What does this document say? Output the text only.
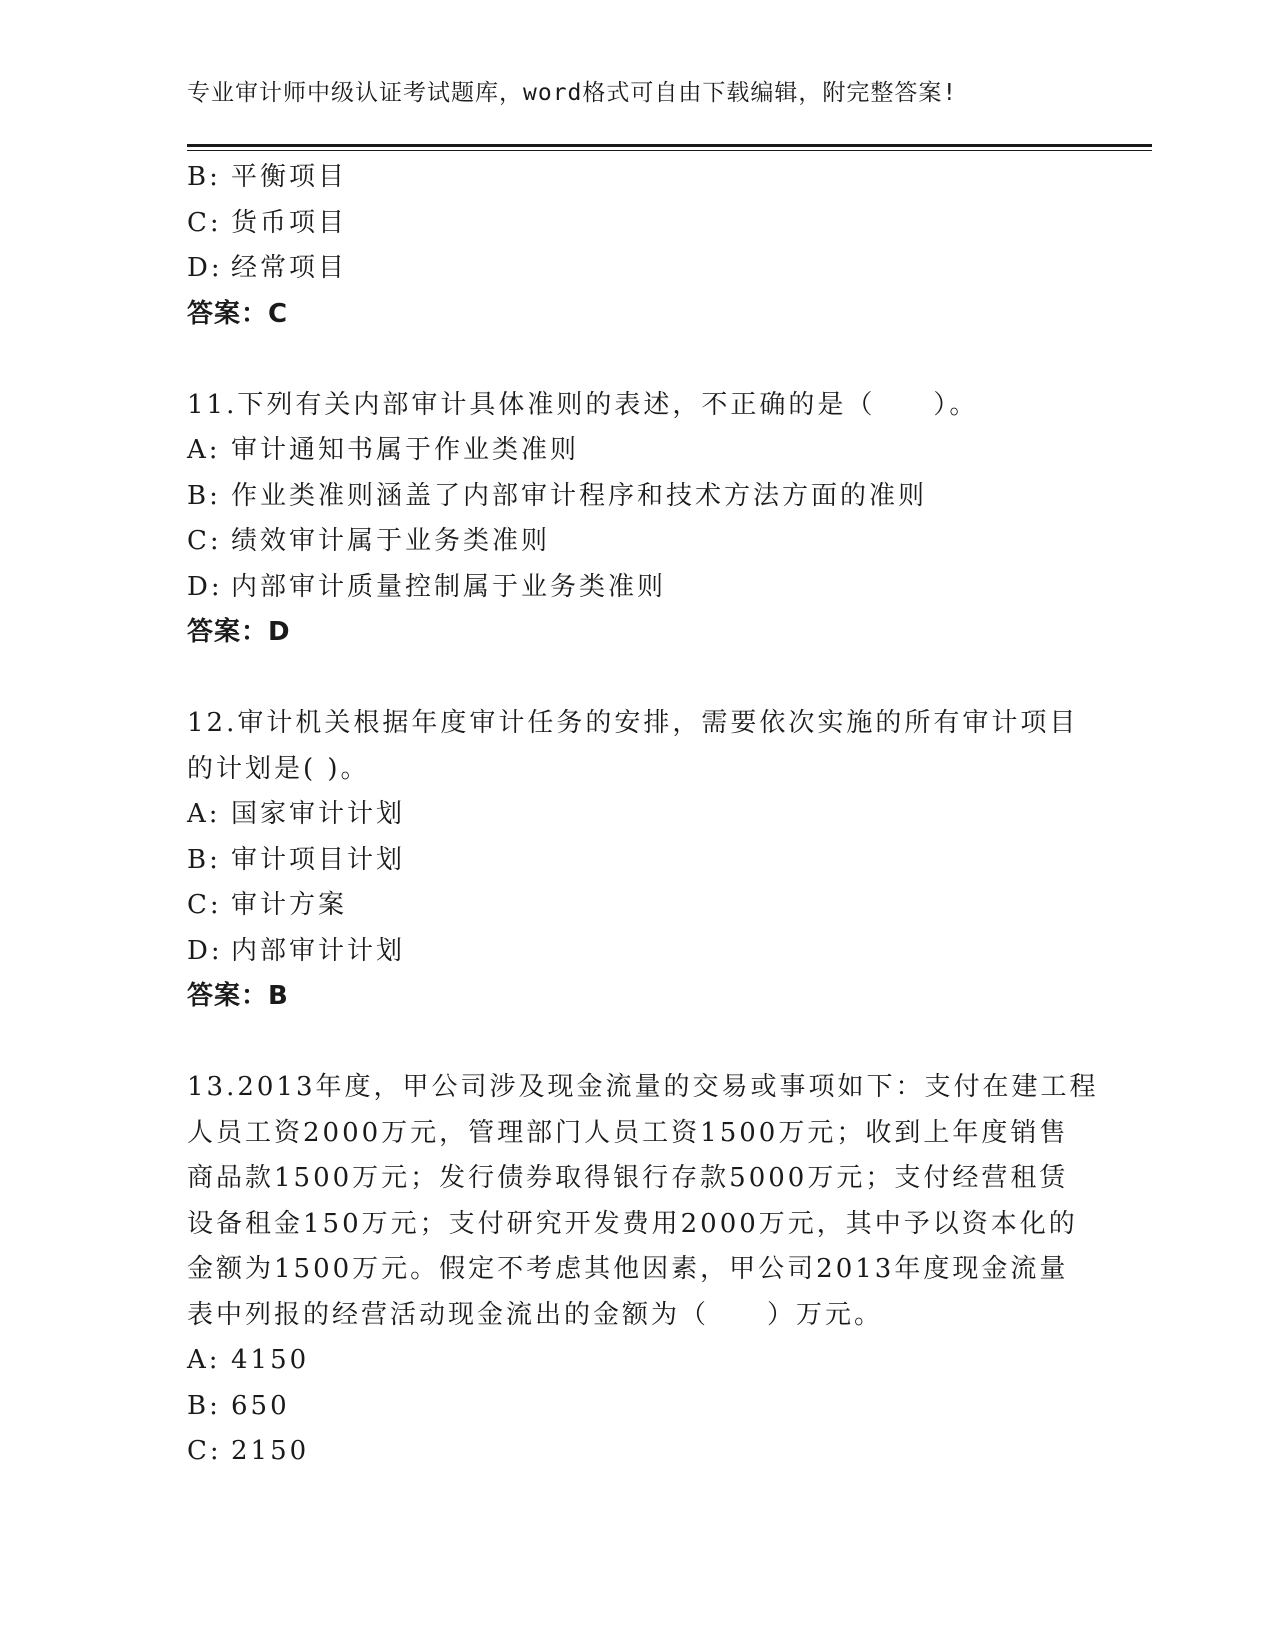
专业审计师中级认证考试题库，word格式可自由下载编辑，附完整答案!
B: 平衡项目
C: 货币项目
D: 经常项目
答案：C
11.下列有关内部审计具体准则的表述，不正确的是（　　）。
A: 审计通知书属于作业类准则
B: 作业类准则涵盖了内部审计程序和技术方法方面的准则
C: 绩效审计属于业务类准则
D: 内部审计质量控制属于业务类准则
答案：D
12.审计机关根据年度审计任务的安排，需要依次实施的所有审计项目
的计划是( )。
A: 国家审计计划
B: 审计项目计划
C: 审计方案
D: 内部审计计划
答案：B
13.2013年度，甲公司涉及现金流量的交易或事项如下：支付在建工程
人员工资2000万元，管理部门人员工资1500万元；收到上年度销售
商品款1500万元；发行债券取得银行存款5000万元；支付经营租赁
设备租金150万元；支付研究开发费用2000万元，其中予以资本化的
金额为1500万元。假定不考虑其他因素，甲公司2013年度现金流量
表中列报的经营活动现金流出的金额为（　　）万元。
A: 4150
B: 650
C: 2150
